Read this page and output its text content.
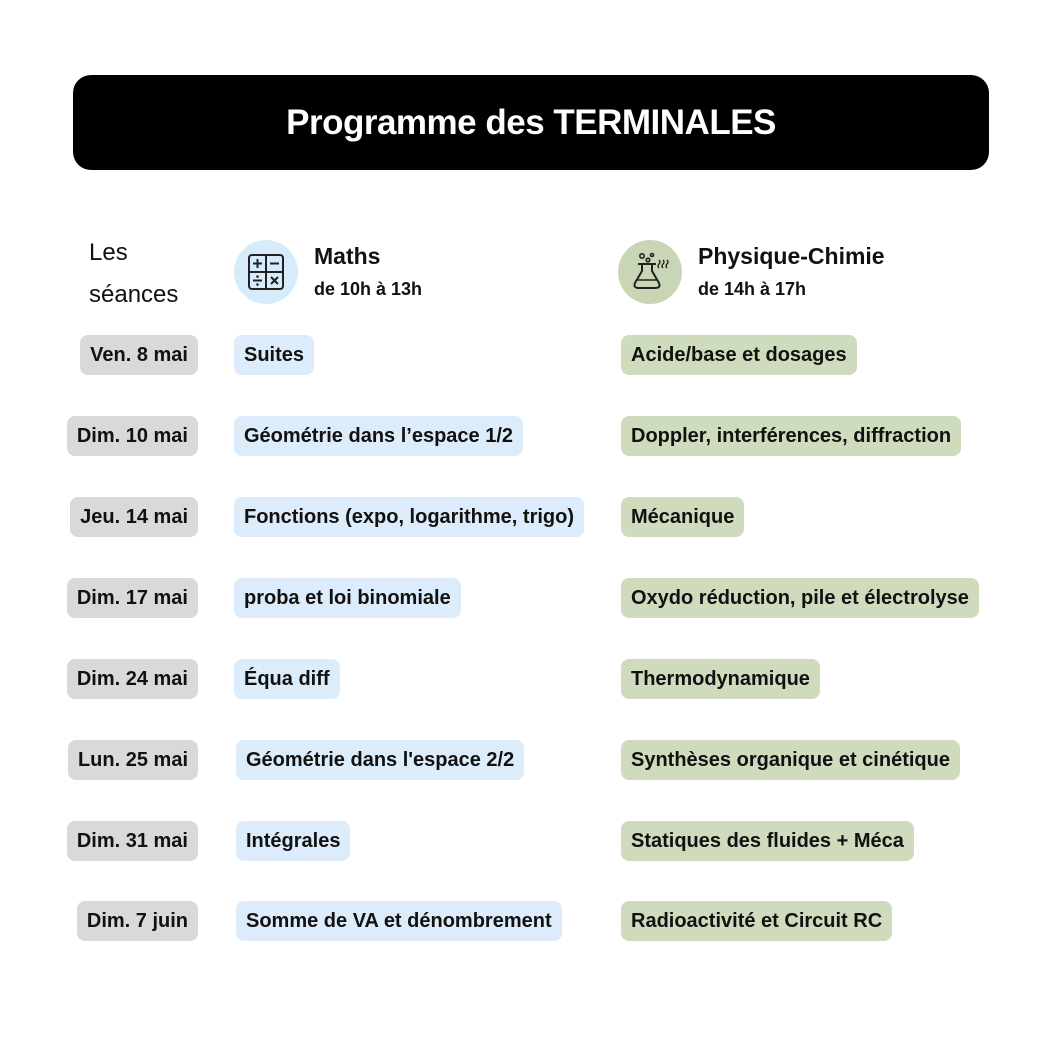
Programme des TERMINALES
Les
séances
Maths
de 10h à 13h
Physique-Chimie
de 14h à 17h
Ven. 8 mai	Suites	Acide/base et dosages
Dim. 10 mai	Géométrie dans l’espace 1/2	Doppler, interférences, diffraction
Jeu. 14 mai	Fonctions (expo, logarithme, trigo)	Mécanique
Dim. 17 mai	proba et loi binomiale	Oxydo réduction, pile et électrolyse
Dim. 24 mai	Équa diff	Thermodynamique
Lun. 25 mai	Géométrie dans l'espace 2/2	Synthèses organique et cinétique
Dim. 31 mai	Intégrales	Statiques des fluides + Méca
Dim. 7 juin	Somme de VA et dénombrement	Radioactivité et Circuit RC
